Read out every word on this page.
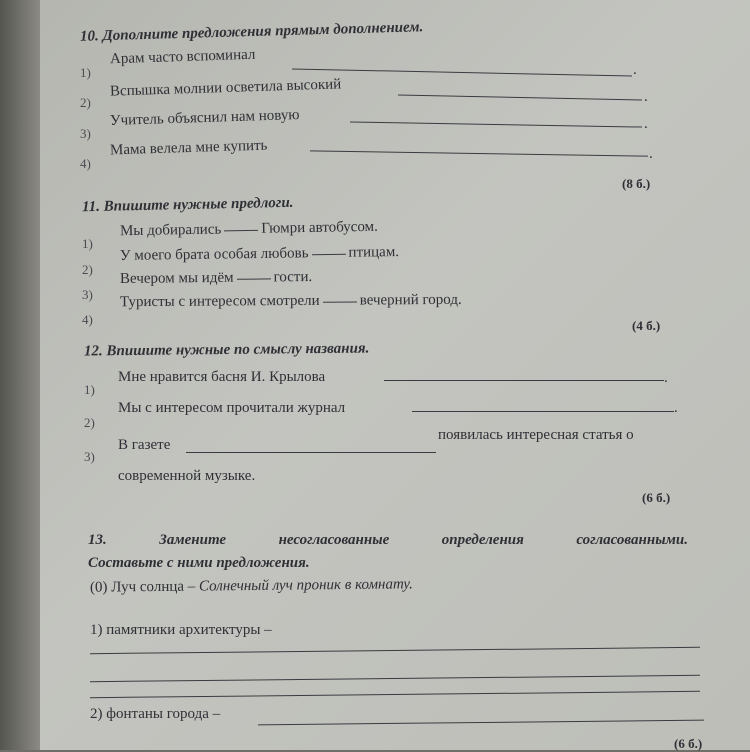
10. Дополните предложения прямым дополнением.
1)
Арам часто вспоминал
.
2)
Вспышка молнии осветила высокий	.
3)
Учитель объяснил нам новую	.
4)
Мама велела мне купить	.
(8 б.)
11. Впишите нужные предлоги.
1)
Мы добирались	Гюмри автобусом.
2)
У моего брата особая любовь	птицам.
3)
Вечером мы идём	гости.
4)
Туристы с интересом смотрели	вечерний город.
(4 б.)
12. Впишите нужные по смыслу названия.
1)
Мне нравится басня И. Крылова	.
2)
Мы с интересом прочитали журнал	.
3)
В газете
появилась интересная статья о
современной музыке.
(6 б.)
13.	Замените	несогласованные	определения	согласованными.
Составьте с ними предложения.
(0) Луч солнца – Солнечный луч проник в комнату.
1) памятники архитектуры –
2) фонтаны города –
(6 б.)
